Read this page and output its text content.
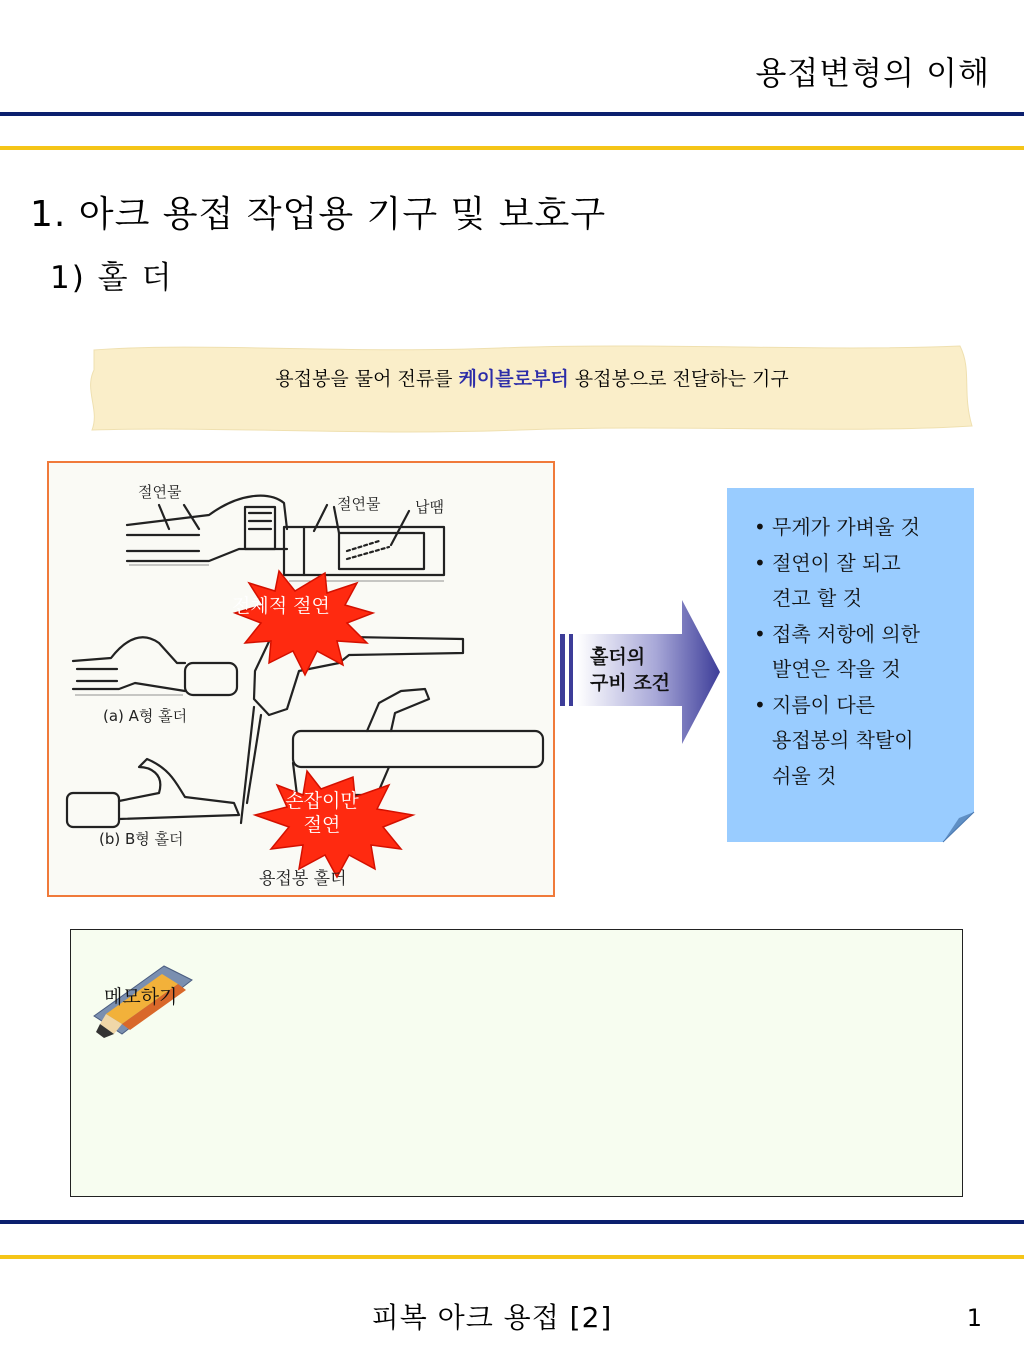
용접변형의 이해
1. 아크 용접 작업용 기구 및 보호구
1) 홀 더
용접봉을 물어 전류를 케이블로부터 용접봉으로 전달하는 기구
절연물
절연물 납땜
(a) A형 홀더
(b) B형 홀더
용접봉 홀더
전체적 절연
손잡이만
절연
홀더의
구비 조건
• 무게가 가벼울 것
• 절연이 잘 되고
견고 할 것
• 접촉 저항에 의한
발연은 작을 것
• 지름이 다른
용접봉의 착탈이
쉬울 것
메모하기
피복 아크 용접 [2]	1
